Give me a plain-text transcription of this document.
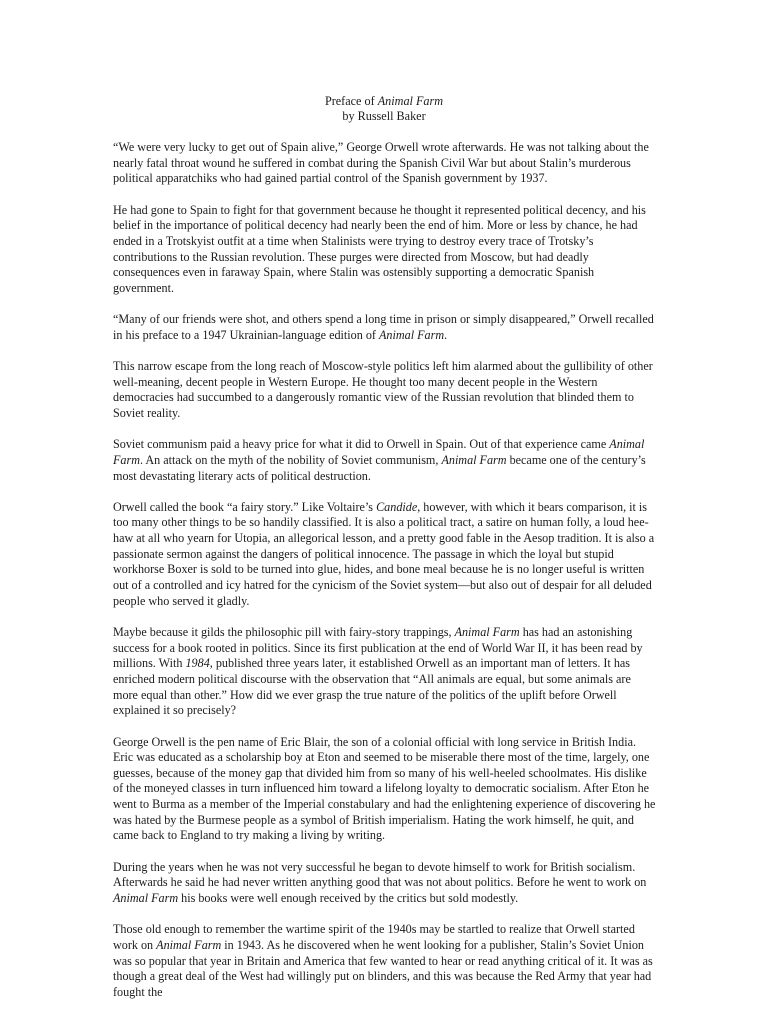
Preface of Animal Farm
by Russell Baker

“We were very lucky to get out of Spain alive,” George Orwell wrote afterwards. He was not talking about the nearly fatal throat wound he suffered in combat during the Spanish Civil War but about Stalin’s murderous political apparatchiks who had gained partial control of the Spanish government by 1937.

He had gone to Spain to fight for that government because he thought it represented political decency, and his belief in the importance of political decency had nearly been the end of him. More or less by chance, he had ended in a Trotskyist outfit at a time when Stalinists were trying to destroy every trace of Trotsky’s contributions to the Russian revolution. These purges were directed from Moscow, but had deadly consequences even in faraway Spain, where Stalin was ostensibly supporting a democratic Spanish government.

“Many of our friends were shot, and others spend a long time in prison or simply disappeared,” Orwell recalled in his preface to a 1947 Ukrainian-language edition of Animal Farm.

This narrow escape from the long reach of Moscow-style politics left him alarmed about the gullibility of other well-meaning, decent people in Western Europe. He thought too many decent people in the Western democracies had succumbed to a dangerously romantic view of the Russian revolution that blinded them to Soviet reality.

Soviet communism paid a heavy price for what it did to Orwell in Spain. Out of that experience came Animal Farm. An attack on the myth of the nobility of Soviet communism, Animal Farm became one of the century’s most devastating literary acts of political destruction.

Orwell called the book “a fairy story.” Like Voltaire’s Candide, however, with which it bears comparison, it is too many other things to be so handily classified. It is also a political tract, a satire on human folly, a loud hee-haw at all who yearn for Utopia, an allegorical lesson, and a pretty good fable in the Aesop tradition. It is also a passionate sermon against the dangers of political innocence. The passage in which the loyal but stupid workhorse Boxer is sold to be turned into glue, hides, and bone meal because he is no longer useful is written out of a controlled and icy hatred for the cynicism of the Soviet system—but also out of despair for all deluded people who served it gladly.

Maybe because it gilds the philosophic pill with fairy-story trappings, Animal Farm has had an astonishing success for a book rooted in politics. Since its first publication at the end of World War II, it has been read by millions. With 1984, published three years later, it established Orwell as an important man of letters. It has enriched modern political discourse with the observation that “All animals are equal, but some animals are more equal than other.” How did we ever grasp the true nature of the politics of the uplift before Orwell explained it so precisely?

George Orwell is the pen name of Eric Blair, the son of a colonial official with long service in British India. Eric was educated as a scholarship boy at Eton and seemed to be miserable there most of the time, largely, one guesses, because of the money gap that divided him from so many of his well-heeled schoolmates. His dislike of the moneyed classes in turn influenced him toward a lifelong loyalty to democratic socialism. After Eton he went to Burma as a member of the Imperial constabulary and had the enlightening experience of discovering he was hated by the Burmese people as a symbol of British imperialism. Hating the work himself, he quit, and came back to England to try making a living by writing.

During the years when he was not very successful he began to devote himself to work for British socialism. Afterwards he said he had never written anything good that was not about politics. Before he went to work on Animal Farm his books were well enough received by the critics but sold modestly.

Those old enough to remember the wartime spirit of the 1940s may be startled to realize that Orwell started work on Animal Farm in 1943. As he discovered when he went looking for a publisher, Stalin’s Soviet Union was so popular that year in Britain and America that few wanted to hear or read anything critical of it. It was as though a great deal of the West had willingly put on blinders, and this was because the Red Army that year had fought the
